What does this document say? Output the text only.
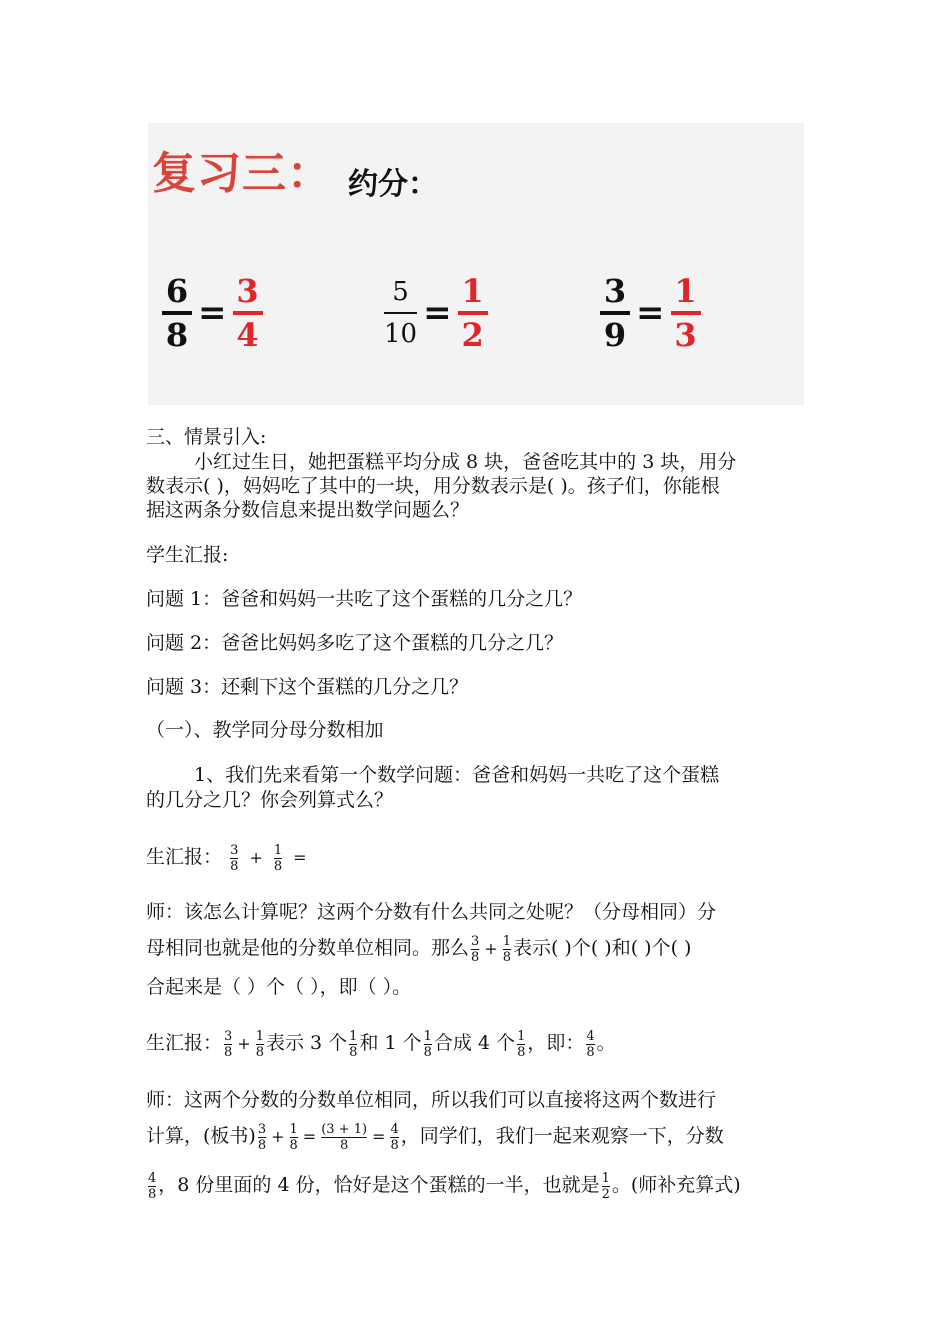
复习三： 约分：
6
8
=
3
4
5
10
=
1
2
3
9
=
1
3
三、情景引入:
小红过生日，她把蛋糕平均分成 8 块，爸爸吃其中的 3 块，用分
数表示( )，妈妈吃了其中的一块，用分数表示是( )。孩子们，你能根
据这两条分数信息来提出数学问题么？
学生汇报:
问题 1：爸爸和妈妈一共吃了这个蛋糕的几分之几？
问题 2：爸爸比妈妈多吃了这个蛋糕的几分之几？
问题 3：还剩下这个蛋糕的几分之几？
（一）、教学同分母分数相加
1、我们先来看第一个数学问题：爸爸和妈妈一共吃了这个蛋糕
的几分之几？你会列算式么？
生汇报： $\frac{3}{8} + \frac{1}{8}$ =
师：该怎么计算呢？这两个分数有什么共同之处呢？（分母相同）分
母相同也就是他的分数单位相同。那么 $\frac{3}{8} + \frac{1}{8}$ 表示( )个( )和( )个( )
合起来是（ ）个（ ），即（ ）。
生汇报： $\frac{3}{8} + \frac{1}{8}$ 表示 3 个 $\frac{1}{8}$ 和 1 个 $\frac{1}{8}$ 合成 4 个 $\frac{1}{8}$ ，即： $\frac{4}{8}$ 。
师：这两个分数的分数单位相同，所以我们可以直接将这两个数进行
计算，(板书) $\frac{3}{8} + \frac{1}{8} = \frac{(3 + 1)}{8} = \frac{4}{8}$ ，同学们，我们一起来观察一下，分数
$\frac{4}{8}$ ，8 份里面的 4 份，恰好是这个蛋糕的一半，也就是 $\frac{1}{2}$ 。(师补充算式)
